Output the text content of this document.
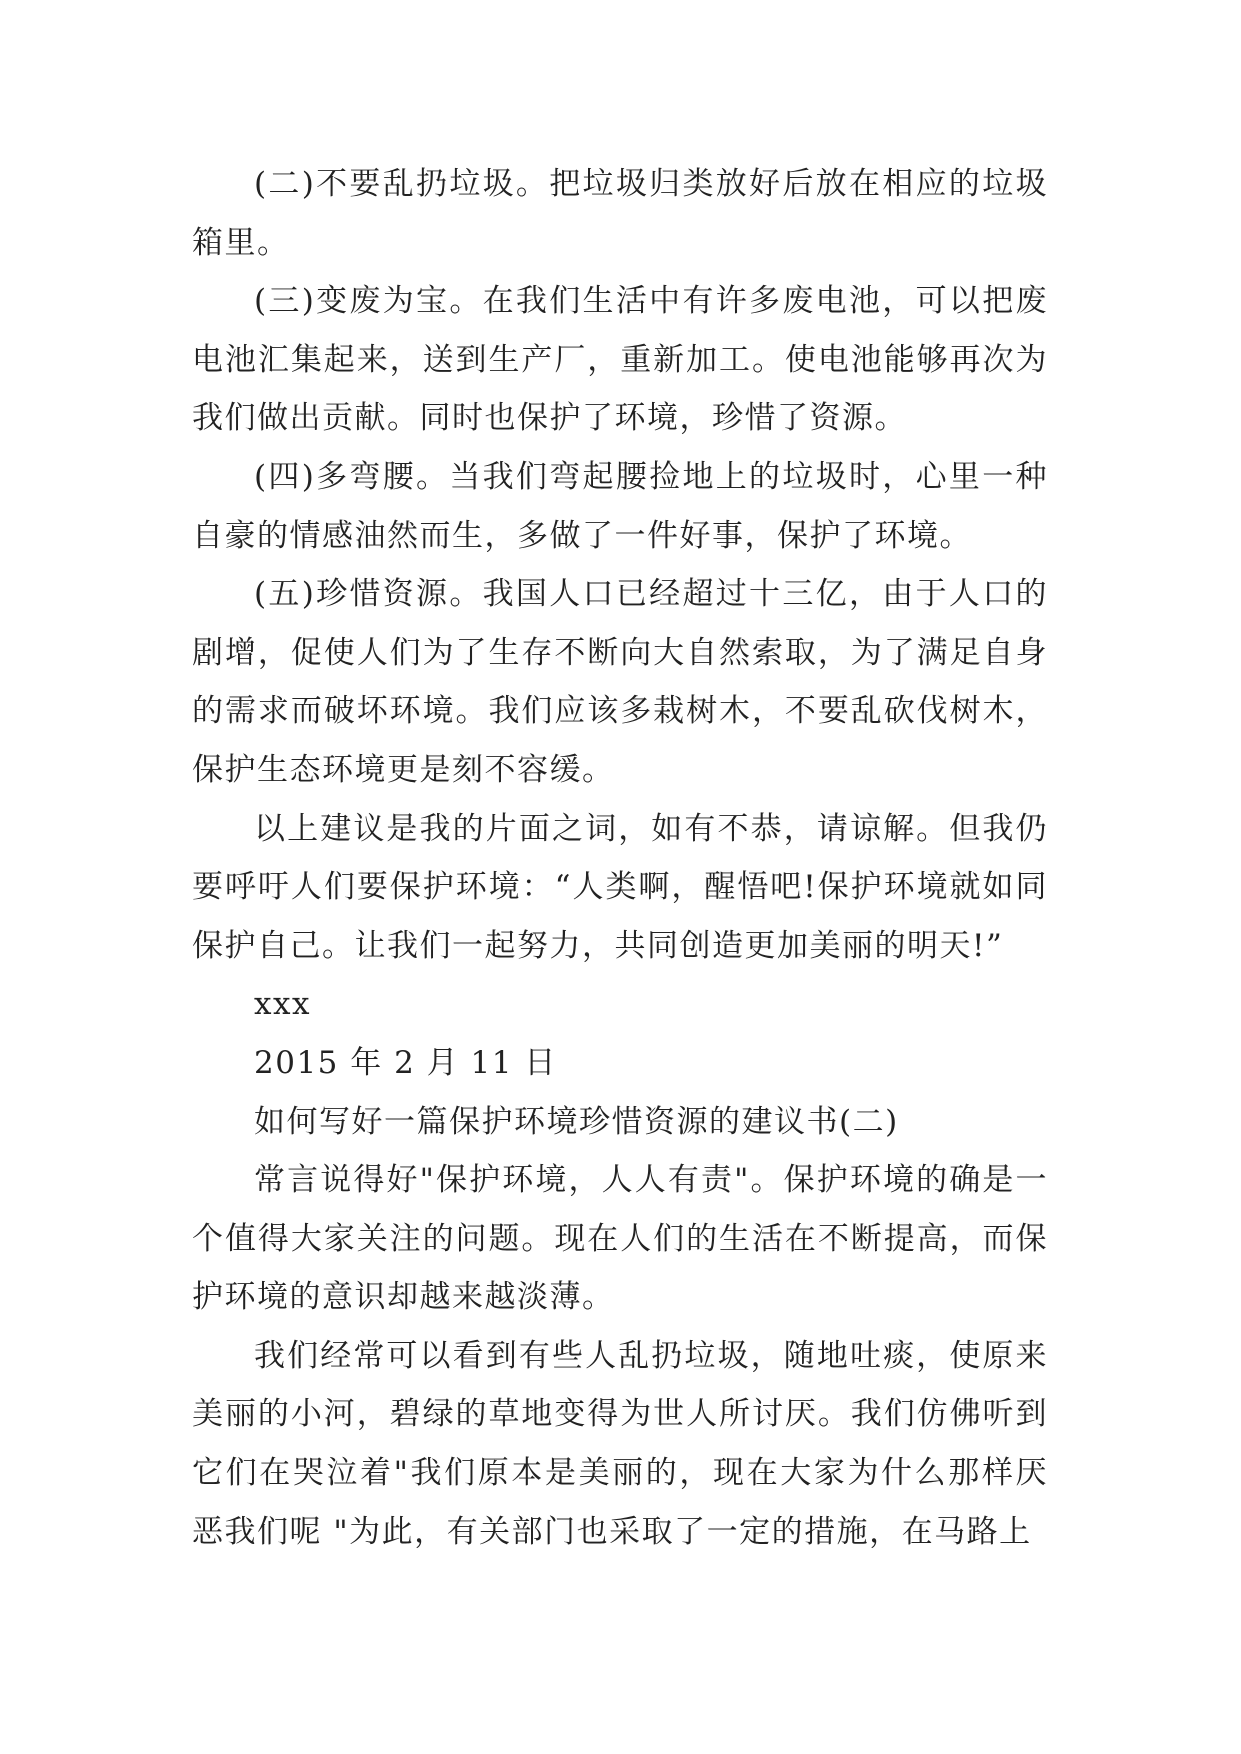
(二)不要乱扔垃圾。把垃圾归类放好后放在相应的垃圾箱里。

(三)变废为宝。在我们生活中有许多废电池，可以把废电池汇集起来，送到生产厂，重新加工。使电池能够再次为我们做出贡献。同时也保护了环境，珍惜了资源。

(四)多弯腰。当我们弯起腰捡地上的垃圾时，心里一种自豪的情感油然而生，多做了一件好事，保护了环境。

(五)珍惜资源。我国人口已经超过十三亿，由于人口的剧增，促使人们为了生存不断向大自然索取，为了满足自身的需求而破坏环境。我们应该多栽树木，不要乱砍伐树木，保护生态环境更是刻不容缓。

以上建议是我的片面之词，如有不恭，请谅解。但我仍要呼吁人们要保护环境：“人类啊，醒悟吧!保护环境就如同保护自己。让我们一起努力，共同创造更加美丽的明天!”

xxx

2015 年 2 月 11 日

如何写好一篇保护环境珍惜资源的建议书(二)

常言说得好"保护环境，人人有责"。保护环境的确是一个值得大家关注的问题。现在人们的生活在不断提高，而保护环境的意识却越来越淡薄。

我们经常可以看到有些人乱扔垃圾，随地吐痰，使原来美丽的小河，碧绿的草地变得为世人所讨厌。我们仿佛听到它们在哭泣着"我们原本是美丽的，现在大家为什么那样厌恶我们呢 "为此，有关部门也采取了一定的措施，在马路上
